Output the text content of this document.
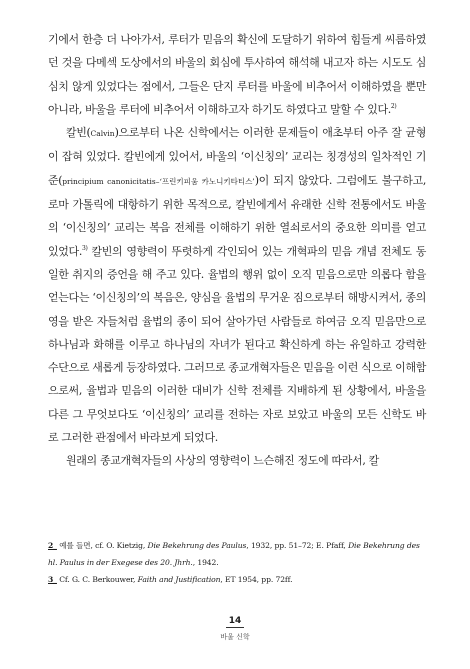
기에서 한층 더 나아가서, 루터가 믿음의 확신에 도달하기 위하여 힘들게 씨름하였던 것을 다메섹 도상에서의 바울의 회심에 투사하여 해석해 내고자 하는 시도도 심심치 않게 있었다는 점에서, 그들은 단지 루터를 바울에 비추어서 이해하였을 뿐만 아니라, 바울을 루터에 비추어서 이해하고자 하기도 하였다고 말할 수 있다.$^{2)}$

칼빈(Calvin)으로부터 나온 신학에서는 이러한 문제들이 애초부터 아주 잘 균형이 잡혀 있었다. 칼빈에게 있어서, 바울의 ‘이신칭의’ 교리는 칭경성의 일차적인 기준(principium canonicitatis–‘프린키피움 카노니키타티스’)이 되지 않았다. 그럼에도 불구하고, 로마 가톨릭에 대항하기 위한 목적으로, 칼빈에게서 유래한 신학 전통에서도 바울의 ‘이신칭의’ 교리는 복음 전체를 이해하기 위한 열쇠로서의 중요한 의미를 얻고 있었다.$^{3)}$ 칼빈의 영향력이 뚜렷하게 각인되어 있는 개혁파의 믿음 개념 전체도 동일한 취지의 증언을 해 주고 있다. 율법의 행위 없이 오직 믿음으로만 의롭다 함을 얻는다는 ‘이신칭의’의 복음은, 양심을 율법의 무거운 짐으로부터 해방시켜서, 종의 영을 받은 자들처럼 율법의 종이 되어 살아가던 사람들로 하여금 오직 믿음만으로 하나님과 화해를 이루고 하나님의 자녀가 된다고 확신하게 하는 유일하고 강력한 수단으로 새롭게 등장하였다. 그러므로 종교개혁자들은 믿음을 이런 식으로 이해함으로써, 율법과 믿음의 이러한 대비가 신학 전체를 지배하게 된 상황에서, 바울을 다른 그 무엇보다도 ‘이신칭의’ 교리를 전하는 자로 보았고 바울의 모든 신학도 바로 그러한 관점에서 바라보게 되었다.

원래의 종교개혁자들의 사상의 영향력이 느슨해진 정도에 따라서, 칼

2_ 예를 들면, cf. O. Kietzig, Die Bekehrung des Paulus, 1932, pp. 51–72; E. Pfaff, Die Bekehrung des hl. Paulus in der Exegese des 20. Jhrh., 1942.

3_ Cf. G. C. Berkouwer, Faith and Justification, ET 1954, pp. 72ff.

14
바울 신학
